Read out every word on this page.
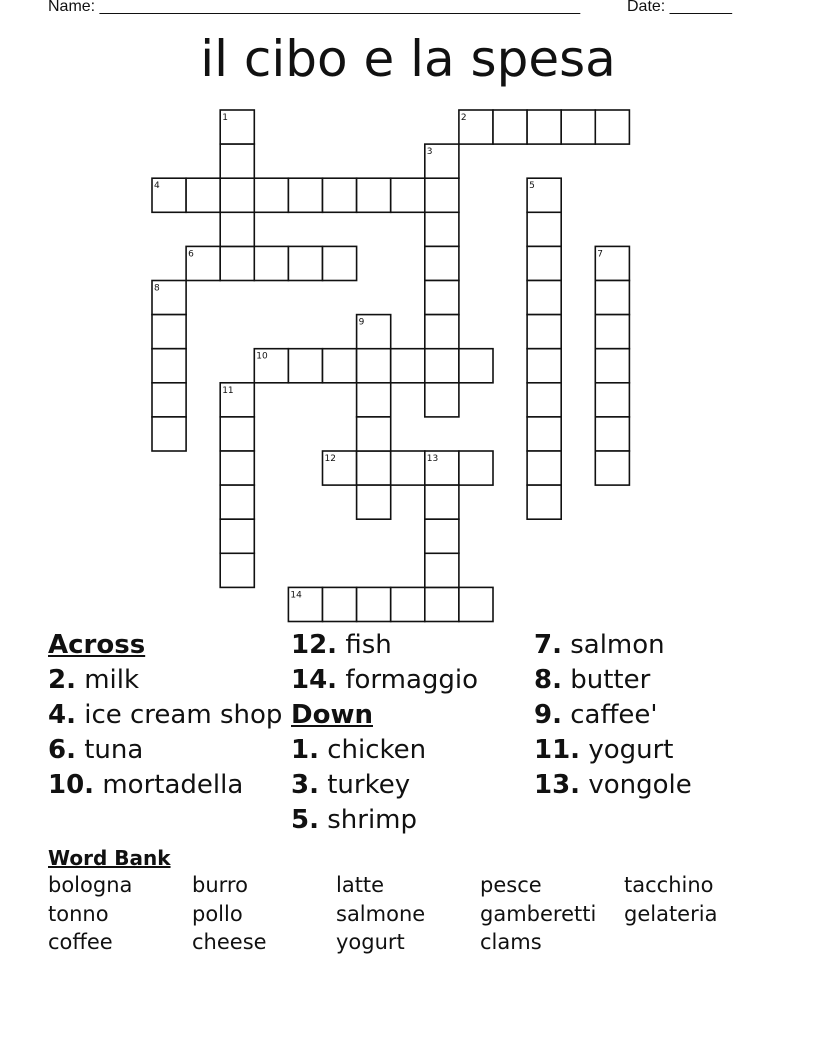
Name: ______________________________________________________	Date: _______
il cibo e la spesa
2
4
6
10
12
14
1
3
5
7
8
9
11
13

Across

2. milk

4. ice cream shop

6. tuna

10. mortadella

12. fish

14. formaggio

Down

1. chicken

3. turkey

5. shrimp

7. salmon

8. butter

9. caffee'

11. yogurt

13. vongole

Word Bank
bologna	burro	latte	pesce	tacchino
tonno	pollo	salmone	gamberetti gelateria
coffee	cheese	yogurt	clams
